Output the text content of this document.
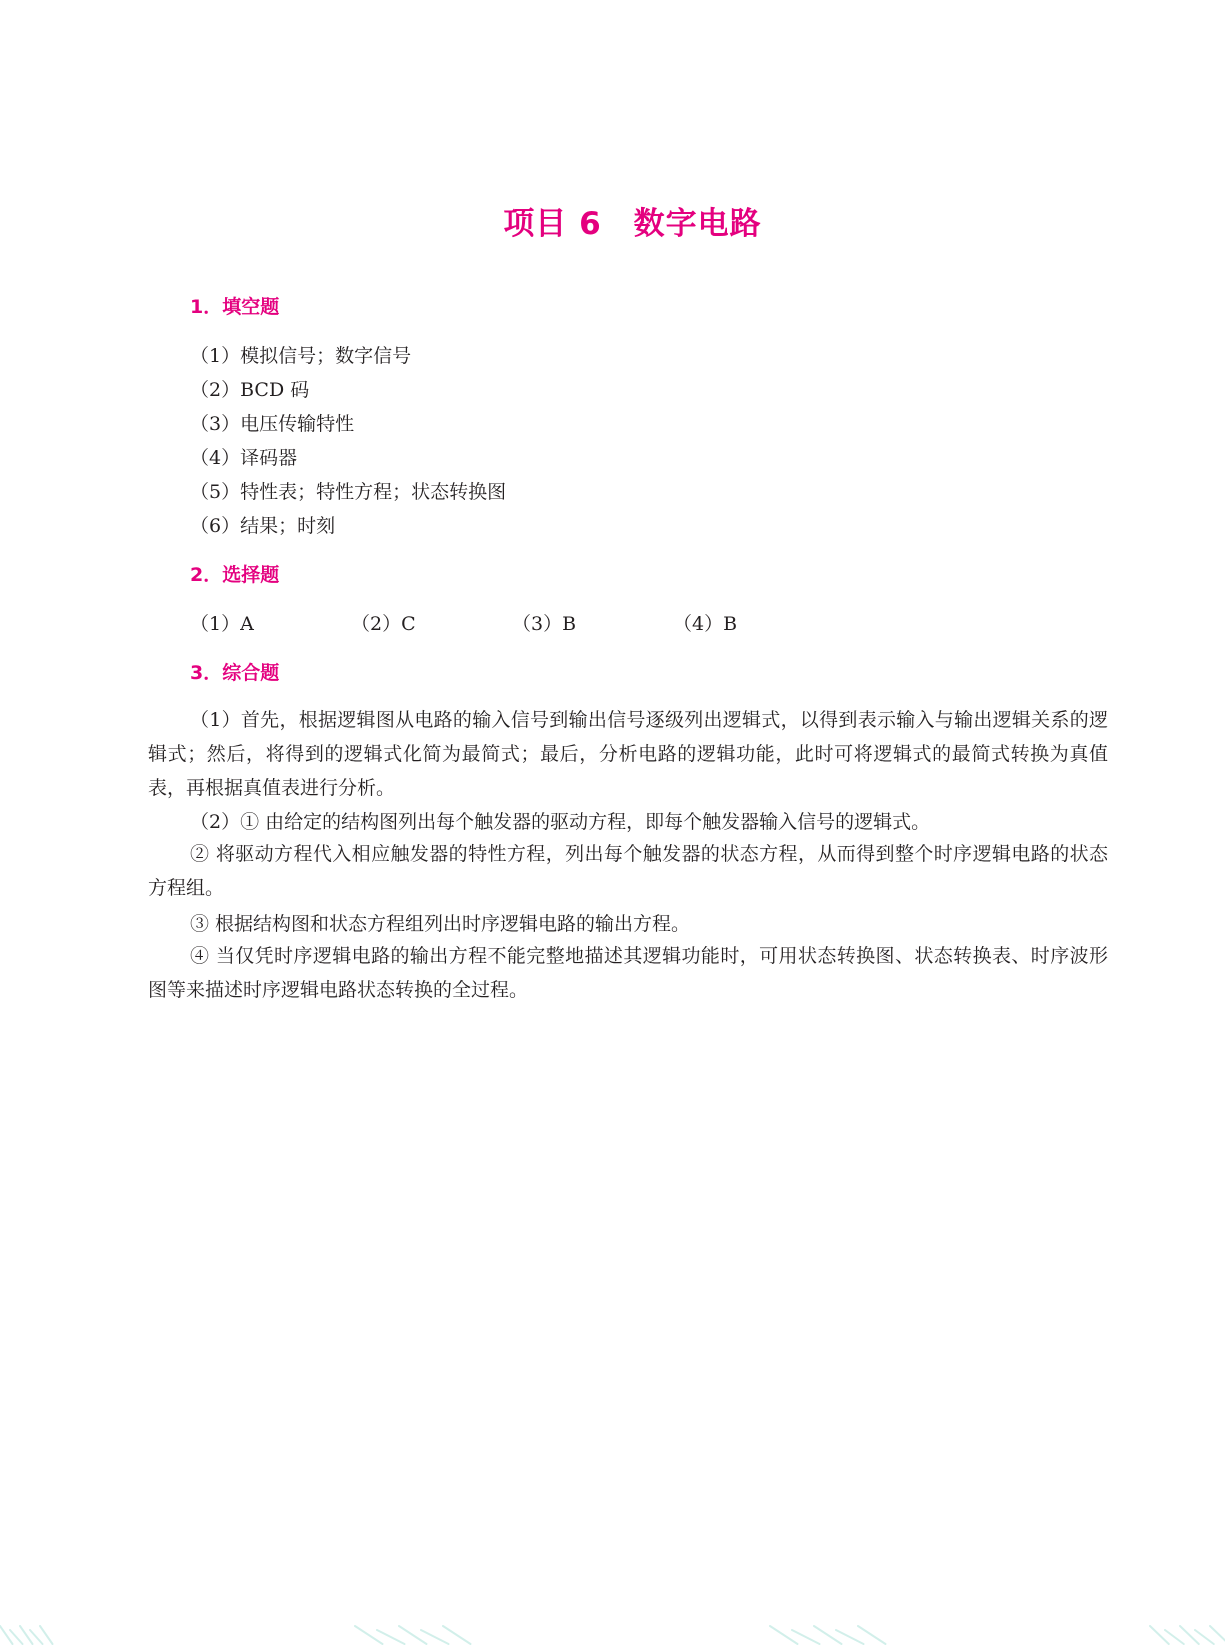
项目 6　数字电路
1．填空题
（1）模拟信号；数字信号
（2）BCD 码
（3）电压传输特性
（4）译码器
（5）特性表；特性方程；状态转换图
（6）结果；时刻
2．选择题
（1）A	（2）C	（3）B	（4）B
3．综合题
（1）首先，根据逻辑图从电路的输入信号到输出信号逐级列出逻辑式，以得到表示输入与输出逻辑关系的逻辑式；然后，将得到的逻辑式化简为最简式；最后，分析电路的逻辑功能，此时可将逻辑式的最简式转换为真值表，再根据真值表进行分析。
（2）① 由给定的结构图列出每个触发器的驱动方程，即每个触发器输入信号的逻辑式。
② 将驱动方程代入相应触发器的特性方程，列出每个触发器的状态方程，从而得到整个时序逻辑电路的状态方程组。
③ 根据结构图和状态方程组列出时序逻辑电路的输出方程。
④ 当仅凭时序逻辑电路的输出方程不能完整地描述其逻辑功能时，可用状态转换图、状态转换表、时序波形图等来描述时序逻辑电路状态转换的全过程。
